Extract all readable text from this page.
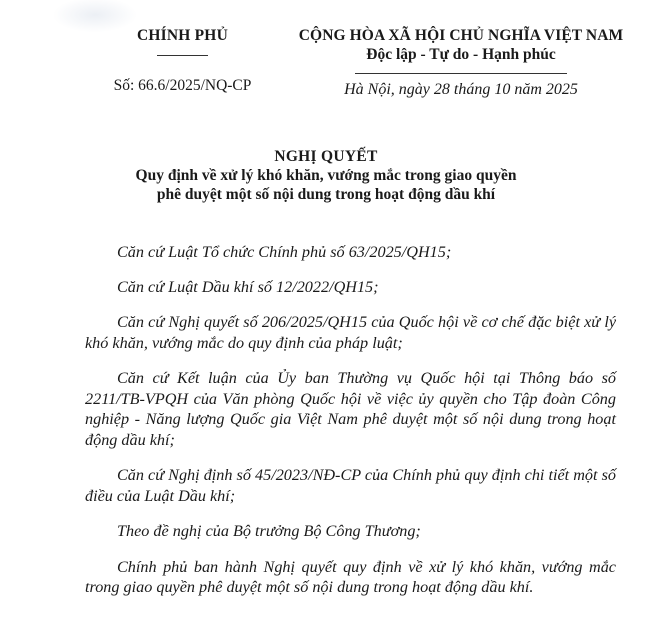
CHÍNH PHỦ
Số: 66.6/2025/NQ-CP
CỘNG HÒA XÃ HỘI CHỦ NGHĨA VIỆT NAM
Độc lập - Tự do - Hạnh phúc
Hà Nội, ngày 28 tháng 10 năm 2025
NGHỊ QUYẾT
Quy định về xử lý khó khăn, vướng mắc trong giao quyền
phê duyệt một số nội dung trong hoạt động dầu khí

Căn cứ Luật Tổ chức Chính phủ số 63/2025/QH15;

Căn cứ Luật Dầu khí số 12/2022/QH15;

Căn cứ Nghị quyết số 206/2025/QH15 của Quốc hội về cơ chế đặc biệt xử lý khó khăn, vướng mắc do quy định của pháp luật;

Căn cứ Kết luận của Ủy ban Thường vụ Quốc hội tại Thông báo số 2211/TB-VPQH của Văn phòng Quốc hội về việc ủy quyền cho Tập đoàn Công nghiệp - Năng lượng Quốc gia Việt Nam phê duyệt một số nội dung trong hoạt động dầu khí;

Căn cứ Nghị định số 45/2023/NĐ-CP của Chính phủ quy định chi tiết một số điều của Luật Dầu khí;

Theo đề nghị của Bộ trưởng Bộ Công Thương;

Chính phủ ban hành Nghị quyết quy định về xử lý khó khăn, vướng mắc trong giao quyền phê duyệt một số nội dung trong hoạt động dầu khí.
